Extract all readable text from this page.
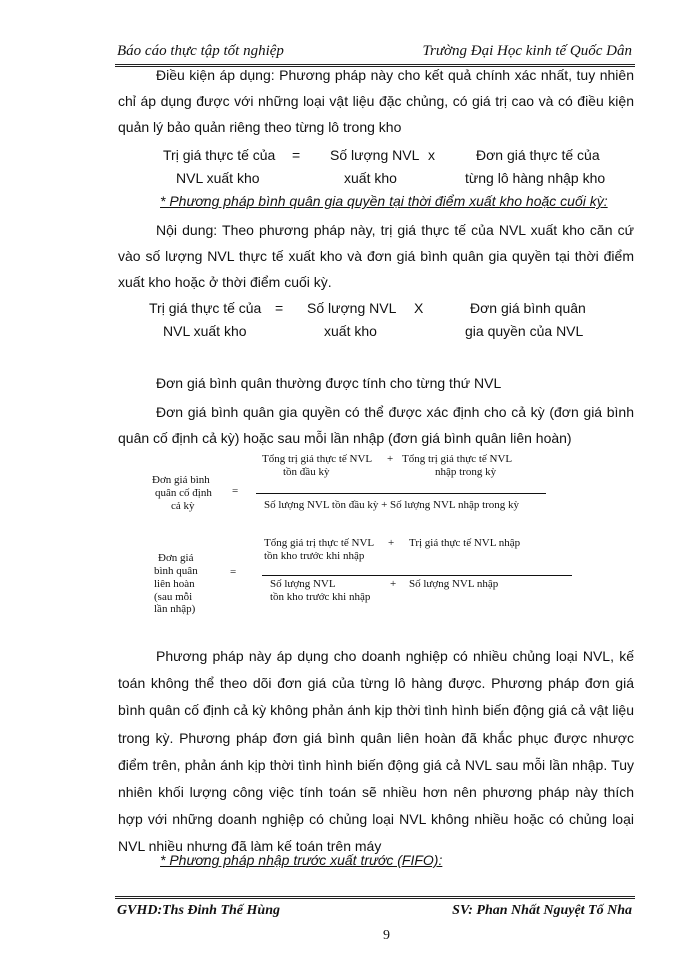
Báo cáo thực tập tốt nghiệp	Trường Đại Học kinh tế Quốc Dân
Điều kiện áp dụng: Phương pháp này cho kết quả chính xác nhất, tuy nhiên chỉ áp dụng được với những loại vật liệu đặc chủng, có giá trị cao và có điều kiện quản lý bảo quản riêng theo từng lô trong kho
Trị giá thực tế của
NVL xuất kho
= Số lượng NVL
xuất kho
x	Đơn giá thực tế của
từng lô hàng nhập kho
* Phương pháp bình quân gia quyền tại thời điểm xuất kho hoặc cuối kỳ:
Nội dung: Theo phương pháp này, trị giá thực tế của NVL xuất kho căn cứ vào số lượng NVL thực tế xuất kho và đơn giá bình quân gia quyền tại thời điểm xuất kho hoặc ở thời điểm cuối kỳ.
Trị giá thực tế của
NVL xuất kho
= Số lượng NVL
xuất kho
X	Đơn giá bình quân
gia quyền của NVL
Đơn giá bình quân thường được tính cho từng thứ NVL
Đơn giá bình quân gia quyền có thể được xác định cho cả kỳ (đơn giá bình quân cố định cả kỳ) hoặc sau mỗi lần nhập (đơn giá bình quân liên hoàn)
Đơn giá bình
quân cố định
cả kỳ
=
Tổng trị giá thực tế NVL
tồn đầu kỳ
+ Tổng trị giá thực tế NVL
nhập trong kỳ
Số lượng NVL tồn đầu kỳ + Số lượng NVL nhập trong kỳ
Đơn giá
bình quân
liên hoàn
(sau mỗi
lần nhập)
=
Tổng giá trị thực tế NVL
tồn kho trước khi nhập
+ Trị giá thực tế NVL nhập
Số lượng NVL
tồn kho trước khi nhập
+ Số lượng NVL nhập
Phương pháp này áp dụng cho doanh nghiệp có nhiều chủng loại NVL, kế toán không thể theo dõi đơn giá của từng lô hàng được. Phương pháp đơn giá bình quân cố định cả kỳ không phản ánh kịp thời tình hình biến động giá cả vật liệu trong kỳ. Phương pháp đơn giá bình quân liên hoàn đã khắc phục được nhược điểm trên, phản ánh kịp thời tình hình biến động giá cả NVL sau mỗi lần nhập. Tuy nhiên khối lượng công việc tính toán sẽ nhiều hơn nên phương pháp này thích hợp với những doanh nghiệp có chủng loại NVL không nhiều hoặc có chủng loại NVL nhiều nhưng đã làm kế toán trên máy
* Phương pháp nhập trước xuất trước (FIFO):
GVHD:Ths Đinh Thế Hùng	SV: Phan Nhất Nguyệt Tố Nha
9
